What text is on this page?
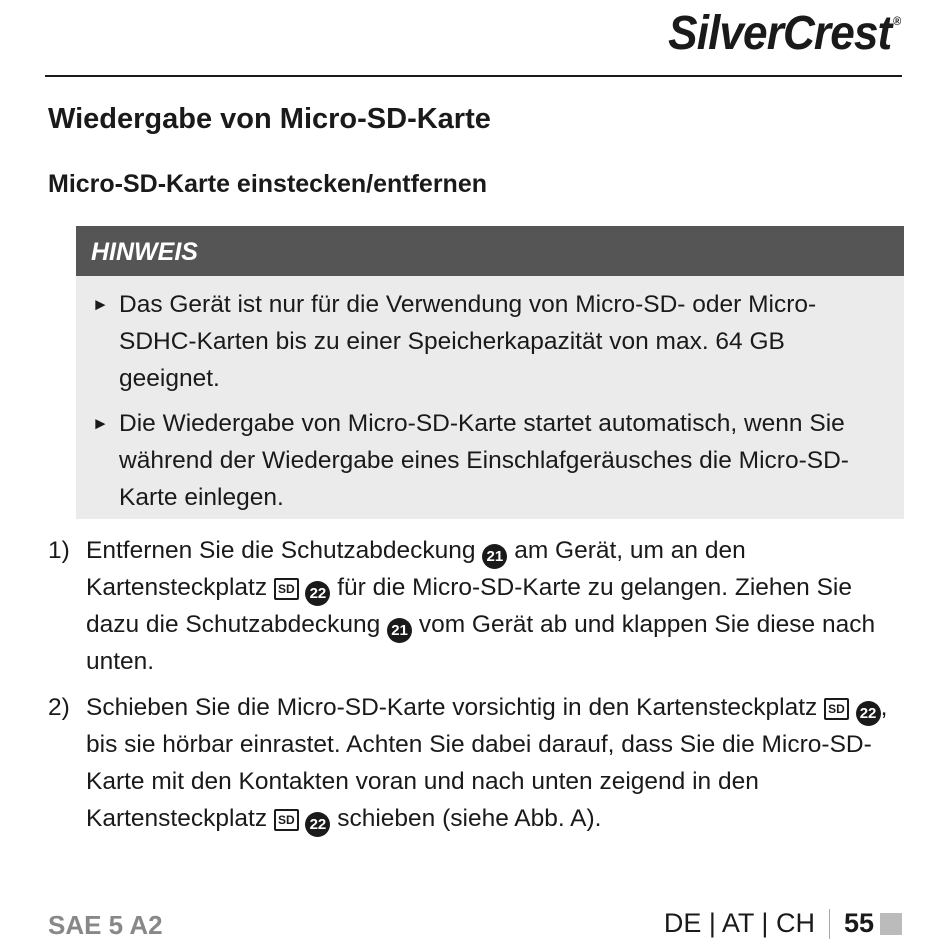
SilverCrest ®
Wiedergabe von Micro-SD-Karte
Micro-SD-Karte einstecken/entfernen
HINWEIS
► Das Gerät ist nur für die Verwendung von Micro-SD- oder Micro-SDHC-Karten bis zu einer Speicherkapazität von max. 64 GB geeignet.
► Die Wiedergabe von Micro-SD-Karte startet automatisch, wenn Sie während der Wiedergabe eines Einschlafgeräusches die Micro-SD-Karte einlegen.
1) Entfernen Sie die Schutzabdeckung 21 am Gerät, um an den Kartensteckplatz SD 22 für die Micro-SD-Karte zu gelangen. Ziehen Sie dazu die Schutzabdeckung 21 vom Gerät ab und klappen Sie diese nach unten.
2) Schieben Sie die Micro-SD-Karte vorsichtig in den Kartensteckplatz SD 22 , bis sie hörbar einrastet. Achten Sie dabei darauf, dass Sie die Micro-SD-Karte mit den Kontakten voran und nach unten zeigend in den Kartensteckplatz SD 22 schieben (siehe Abb. A).
SAE 5 A2	DE | AT | CH 55
